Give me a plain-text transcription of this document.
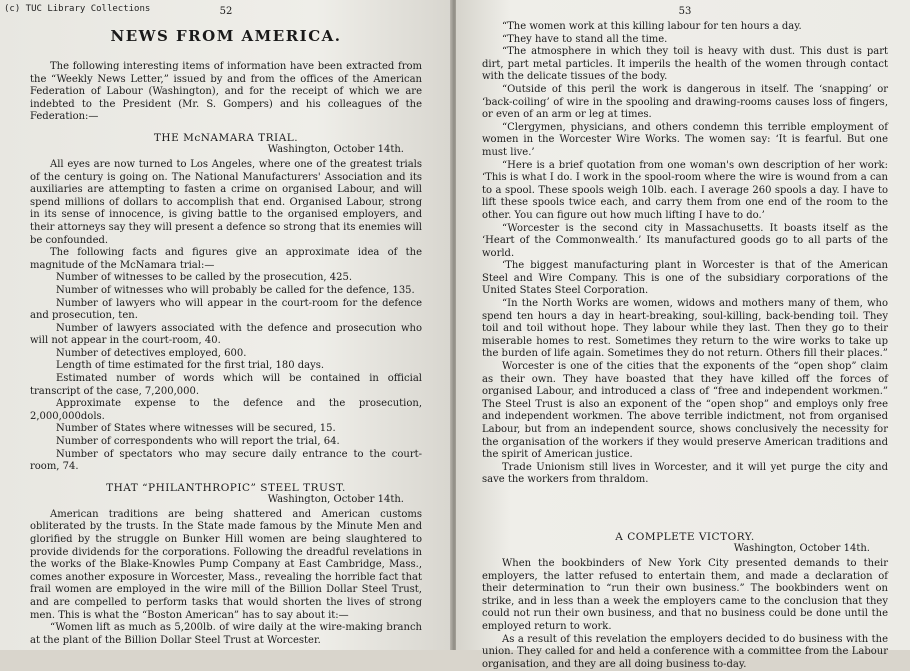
(c) TUC Library Collections	52
NEWS FROM AMERICA.

The following interesting items of information have been extracted from the “Weekly News Letter,” issued by and from the offices of the American Federation of Labour (Washington), and for the receipt of which we are indebted to the President (Mr. S. Gompers) and his colleagues of the Federation:—

THE McNAMARA TRIAL.
Washington, October 14th.

All eyes are now turned to Los Angeles, where one of the greatest trials of the century is going on. The National Manufacturers' Association and its auxiliaries are attempting to fasten a crime on organised Labour, and will spend millions of dollars to accomplish that end. Organised Labour, strong in its sense of innocence, is giving battle to the organised employers, and their attorneys say they will present a defence so strong that its enemies will be confounded.

The following facts and figures give an approximate idea of the magnitude of the McNamara trial:—

Number of witnesses to be called by the prosecution, 425.

Number of witnesses who will probably be called for the defence, 135.

Number of lawyers who will appear in the court-room for the defence and prosecution, ten.

Number of lawyers associated with the defence and prosecution who will not appear in the court-room, 40.

Number of detectives employed, 600.

Length of time estimated for the first trial, 180 days.

Estimated number of words which will be contained in official transcript of the case, 7,200,000.

Approximate expense to the defence and the prosecution, 2,000,000dols.

Number of States where witnesses will be secured, 15.

Number of correspondents who will report the trial, 64.

Number of spectators who may secure daily entrance to the court-room, 74.

THAT “PHILANTHROPIC” STEEL TRUST.
Washington, October 14th.

American traditions are being shattered and American customs obliterated by the trusts. In the State made famous by the Minute Men and glorified by the struggle on Bunker Hill women are being slaughtered to provide dividends for the corporations. Following the dreadful revelations in the works of the Blake-Knowles Pump Company at East Cambridge, Mass., comes another exposure in Worcester, Mass., revealing the horrible fact that frail women are employed in the wire mill of the Billion Dollar Steel Trust, and are compelled to perform tasks that would shorten the lives of strong men. This is what the “Boston American” has to say about it:—

“Women lift as much as 5,200lb. of wire daily at the wire-making branch at the plant of the Billion Dollar Steel Trust at Worcester.

53

“The women work at this killing labour for ten hours a day.

“They have to stand all the time.

“The atmosphere in which they toil is heavy with dust. This dust is part dirt, part metal particles. It imperils the health of the women through contact with the delicate tissues of the body.

“Outside of this peril the work is dangerous in itself. The ‘snapping’ or ‘back-coiling’ of wire in the spooling and drawing-rooms causes loss of fingers, or even of an arm or leg at times.

“Clergymen, physicians, and others condemn this terrible employment of women in the Worcester Wire Works. The women say: ‘It is fearful. But one must live.’

“Here is a brief quotation from one woman's own description of her work: ‘This is what I do. I work in the spool-room where the wire is wound from a can to a spool. These spools weigh 10lb. each. I average 260 spools a day. I have to lift these spools twice each, and carry them from one end of the room to the other. You can figure out how much lifting I have to do.’

“Worcester is the second city in Massachusetts. It boasts itself as the ‘Heart of the Commonwealth.’ Its manufactured goods go to all parts of the world.

‘The biggest manufacturing plant in Worcester is that of the American Steel and Wire Company. This is one of the subsidiary corporations of the United States Steel Corporation.

“In the North Works are women, widows and mothers many of them, who spend ten hours a day in heart-breaking, soul-killing, back-bending toil. They toil and toil without hope. They labour while they last. Then they go to their miserable homes to rest. Sometimes they return to the wire works to take up the burden of life again. Sometimes they do not return. Others fill their places.”

Worcester is one of the cities that the exponents of the “open shop” claim as their own. They have boasted that they have killed off the forces of organised Labour, and introduced a class of “free and independent workmen.” The Steel Trust is also an exponent of the “open shop” and employs only free and independent workmen. The above terrible indictment, not from organised Labour, but from an independent source, shows conclusively the necessity for the organisation of the workers if they would preserve American traditions and the spirit of American justice.

Trade Unionism still lives in Worcester, and it will yet purge the city and save the workers from thraldom.

A COMPLETE VICTORY.
Washington, October 14th.

When the bookbinders of New York City presented demands to their employers, the latter refused to entertain them, and made a declaration of their determination to “run their own business.” The bookbinders went on strike, and in less than a week the employers came to the conclusion that they could not run their own business, and that no business could be done until the employed return to work.

As a result of this revelation the employers decided to do business with the union. They called for and held a conference with a committee from the Labour organisation, and they are all doing business to-day.
